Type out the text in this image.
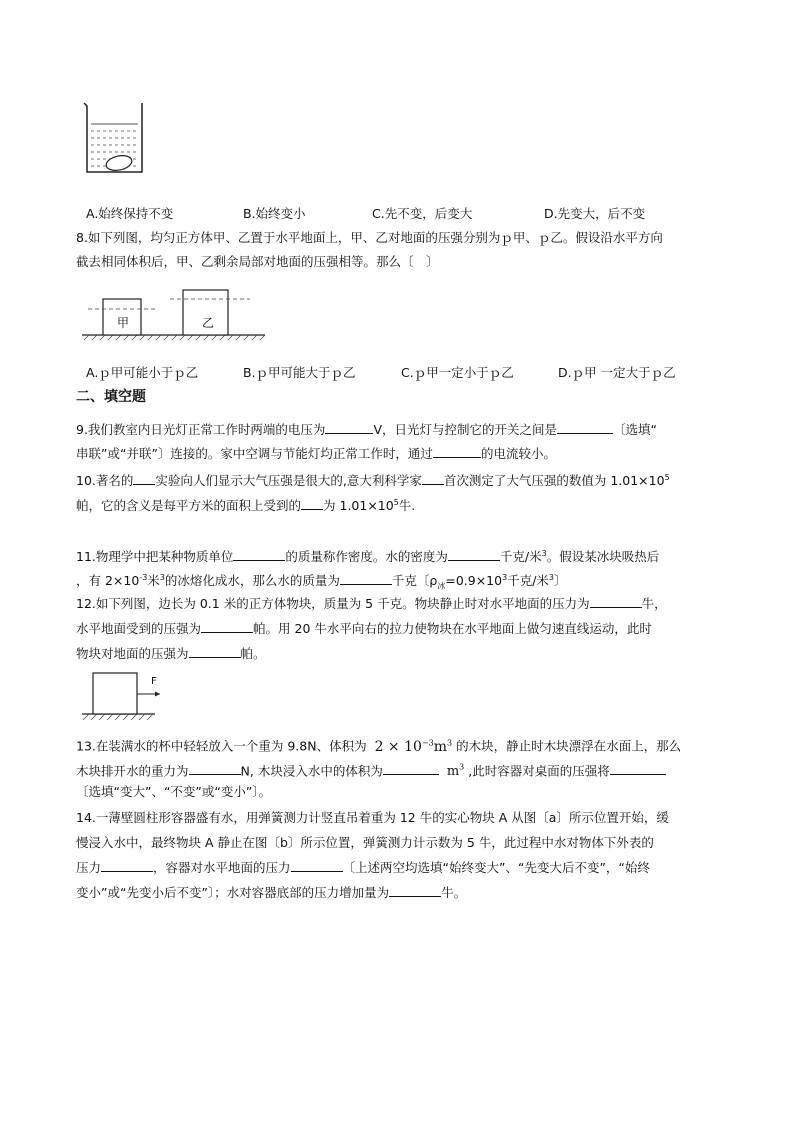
A.始终保持不变	B.始终变小	C.先不变，后变大	D.先变大，后不变
8.如下列图，均匀正方体甲、乙置于水平地面上，甲、乙对地面的压强分别为ｐ甲、ｐ乙。假设沿水平方向
截去相同体积后，甲、乙剩余局部对地面的压强相等。那么〔　〕
甲	乙
A.ｐ甲可能小于ｐ乙	B.ｐ甲可能大于ｐ乙	C.ｐ甲一定小于ｐ乙	D.ｐ甲 一定大于ｐ乙
二、填空题
9.我们教室内日光灯正常工作时两端的电压为	V，日光灯与控制它的开关之间是	〔选填“
串联”或“并联”〕连接的。家中空调与节能灯均正常工作时，通过	的电流较小。
10.著名的 实验向人们显示大气压强是很大的,意大利科学家 首次测定了大气压强的数值为 $1.01\times 10^5$
帕，它的含义是每平方米的面积上受到的 为 $1.01\times 10^5$牛.
11.物理学中把某种物质单位	的质量称作密度。水的密度为	千克/米$^3$。假设某冰块吸热后
，有 $2\times 10^{-3}$米$^3$的冰熔化成水，那么水的质量为	千克〔$\rho_冰=0.9\times 10^3$千克/米$^3$〕
12.如下列图，边长为 0.1 米的正方体物块，质量为 5 千克。物块静止时对水平地面的压力为	牛，
水平地面受到的压强为	帕。用 20 牛水平向右的拉力使物块在水平地面上做匀速直线运动，此时
物块对地面的压强为	帕。
F
13.在装满水的杯中轻轻放入一个重为 9.8N、体积为 $2 \times 10^{-3}m^3$ 的木块，静止时木块漂浮在水面上，那么
木块排开水的重力为	N, 木块浸入水中的体积为	$m^3$ ,此时容器对桌面的压强将
〔选填“变大”、“不变”或“变小”〕。
14.一薄壁圆柱形容器盛有水，用弹簧测力计竖直吊着重为 12 牛的实心物块 A 从图〔a〕所示位置开始，缓
慢浸入水中，最终物块 A 静止在图〔b〕所示位置，弹簧测力计示数为 5 牛，此过程中水对物体下外表的
压力	，容器对水平地面的压力	〔上述两空均选填“始终变大”、“先变大后不变”，“始终
变小”或“先变小后不变”〕；水对容器底部的压力增加量为	牛。
